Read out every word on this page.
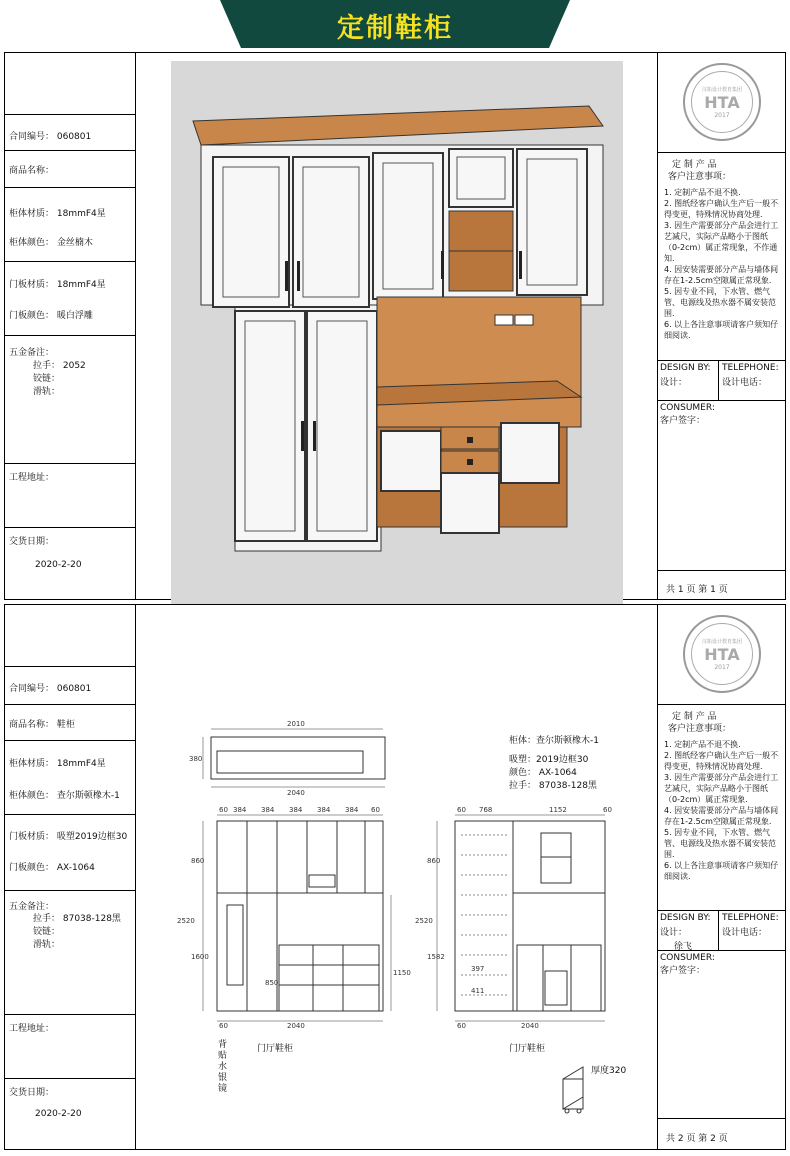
定制鞋柜
合同编号： 060801
商品名称：
柜体材质： 18mmF4星
柜体颜色： 金丝楠木
门板材质： 18mmF4星
门板颜色： 暖白浮雕
五金备注：
拉手： 2052
铰链：
滑轨：
工程地址：
交货日期：
2020-2-20
汉拓设计教育集团
HTA
2017
定 制 产 品
客户注意事项：
1. 定制产品不退不换.
2. 图纸经客户确认生产后一般不得变更，特殊情况协商处理.
3. 因生产需要部分产品会进行工艺减尺，实际产品略小于图纸（0-2cm）属正常现象，不作通知.
4. 因安装需要部分产品与墙体间存在1-2.5cm空隙属正常现象.
5. 因专业不同，下水管、燃气管、电源线及热水器不属安装范围.
6. 以上各注意事项请客户须知仔细阅读.
DESIGN BY:
设计：
TELEPHONE:
设计电话：
CONSUMER:
客户签字：
共 1 页 第 1 页
合同编号： 060801
商品名称： 鞋柜
柜体材质： 18mmF4星
柜体颜色： 查尔斯顿橡木-1
门板材质： 吸塑2019边框30
门板颜色： AX-1064
五金备注：
拉手： 87038-128黑
铰链：
滑轨：
工程地址：
交货日期：
2020-2-20
柜体：查尔斯顿橡木-1
吸塑：2019边框30
颜色： AX-1064
拉手： 87038-128黑
2010
380
2040
60 384 384 384 384 384 60
860
2520
1600
850
1150
60	2040
60 768	1152	60
860
2520
1582
397
411
60	2040
背贴水银镜	门厅鞋柜	门厅鞋柜
厚度320
汉拓设计教育集团
HTA
2017
定 制 产 品
客户注意事项：
1. 定制产品不退不换.
2. 图纸经客户确认生产后一般不得变更，特殊情况协商处理.
3. 因生产需要部分产品会进行工艺减尺，实际产品略小于图纸（0-2cm）属正常现象.
4. 因安装需要部分产品与墙体间存在1-2.5cm空隙属正常现象.
5. 因专业不同，下水管、燃气管、电源线及热水器不属安装范围.
6. 以上各注意事项请客户须知仔细阅读.
DESIGN BY:
设计：
徐飞
TELEPHONE:
设计电话：
CONSUMER:
客户签字：
共 2 页 第 2 页
